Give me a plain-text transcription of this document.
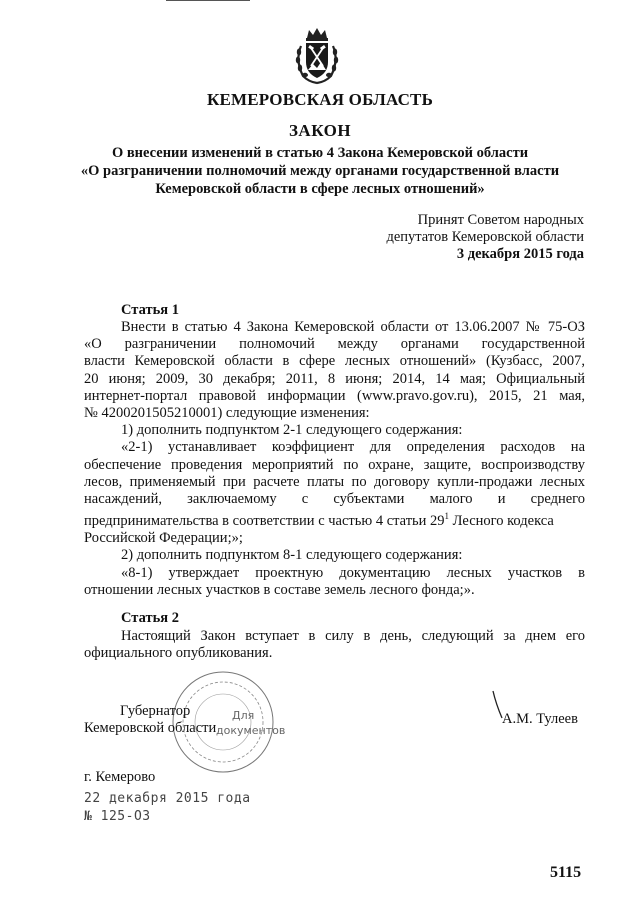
КЕМЕРОВСКАЯ ОБЛАСТЬ
ЗАКОН
О внесении изменений в статью 4 Закона Кемеровской области
«О разграничении полномочий между органами государственной власти
Кемеровской области в сфере лесных отношений»
Принят Советом народных
депутатов Кемеровской области
3 декабря 2015 года
Статья 1
Внести в статью 4 Закона Кемеровской области от 13.06.2007 № 75-ОЗ
«О разграничении полномочий между органами государственной
власти Кемеровской области в сфере лесных отношений» (Кузбасс, 2007,
20 июня; 2009, 30 декабря; 2011, 8 июня; 2014, 14 мая; Официальный
интернет-портал правовой информации (www.pravo.gov.ru), 2015, 21 мая,
№ 4200201505210001) следующие изменения:
1) дополнить подпунктом 2-1 следующего содержания:
«2-1) устанавливает коэффициент для определения расходов на
обеспечение проведения мероприятий по охране, защите, воспроизводству
лесов, применяемый при расчете платы по договору купли-продажи лесных
насаждений, заключаемому с субъектами малого и среднего
предпринимательства в соответствии с частью 4 статьи $29^1$ Лесного кодекса
Российской Федерации;»;
2) дополнить подпунктом 8-1 следующего содержания:
«8-1) утверждает проектную документацию лесных участков в
отношении лесных участков в составе земель лесного фонда;».
Статья 2
Настоящий Закон вступает в силу в день, следующий за днем его
официального опубликования.
Для
документов
Губернатор
Кемеровской области
А.М. Тулеев
г. Кемерово
22 декабря 2015 года
№ 125-ОЗ
5115
